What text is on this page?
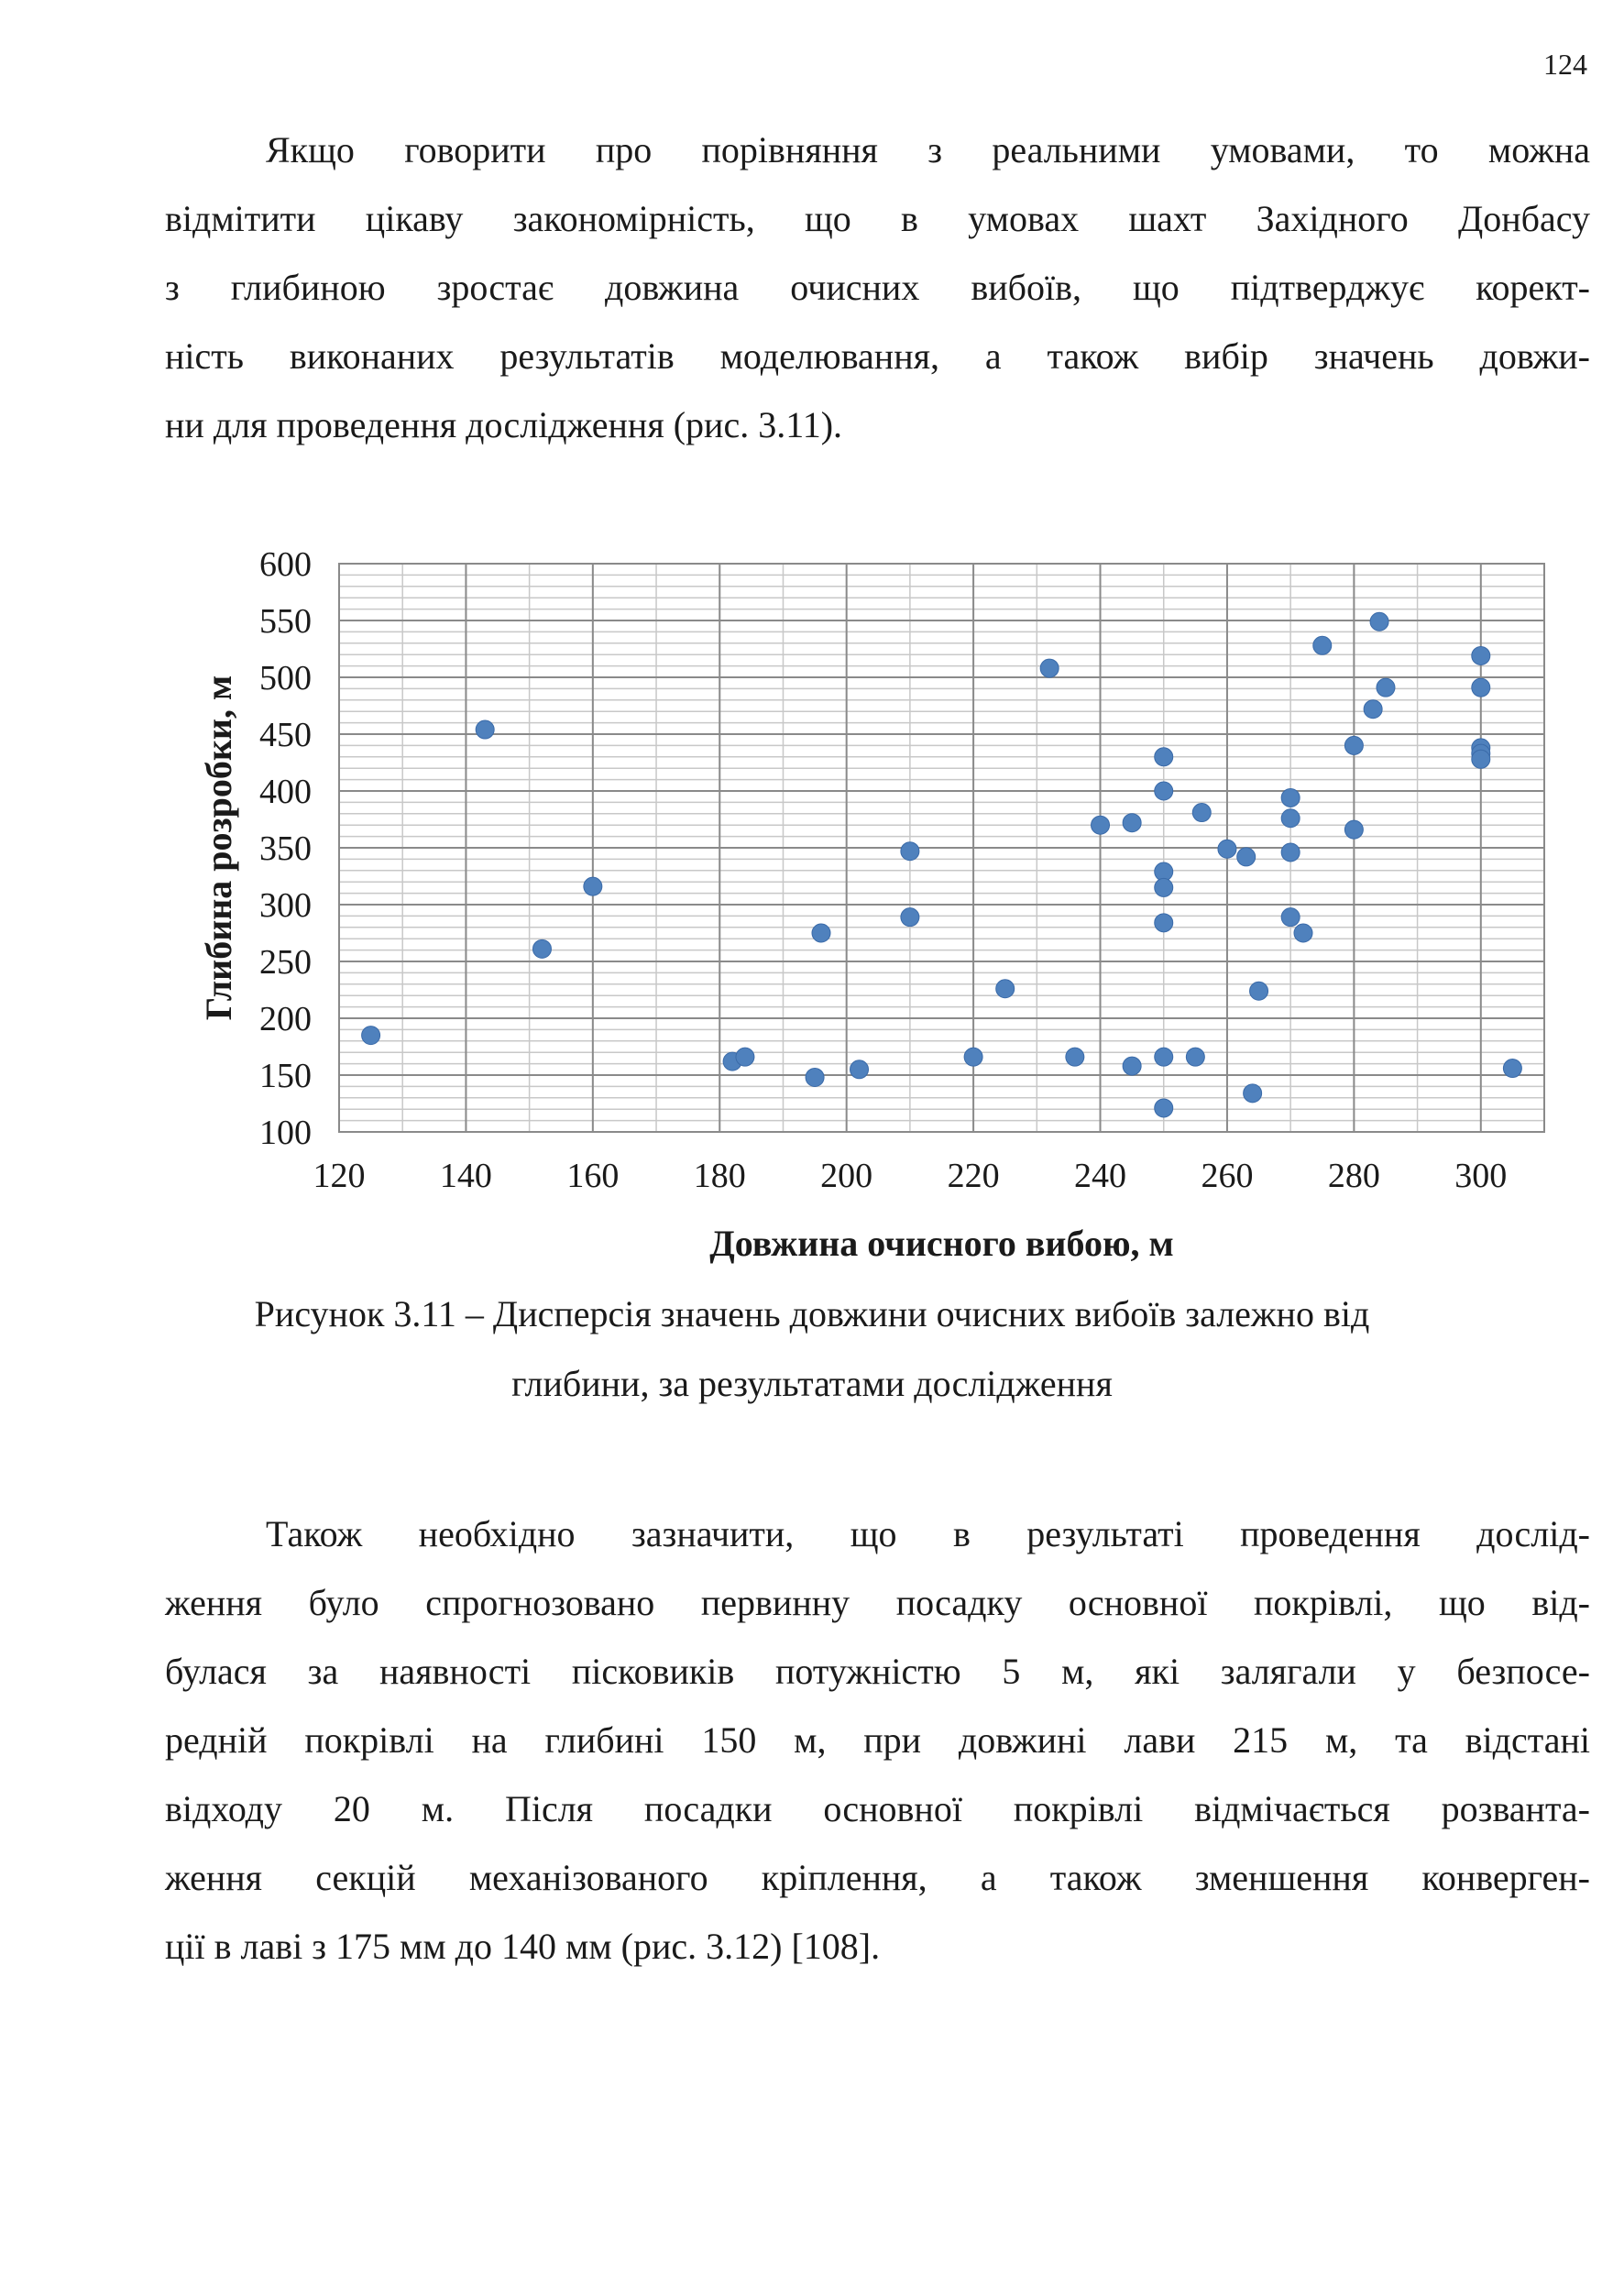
124
Якщо говорити про порівняння з реальними умовами, то можна
відмітити цікаву закономірність, що в умовах шахт Західного Донбасу
з глибиною зростає довжина очисних вибоїв, що підтверджує корект-
ність виконаних результатів моделювання, а також вибір значень довжи-
ни для проведення дослідження (рис. 3.11).
100
150
200
250
300
350
400
450
500
550
600
120 140 160 180 200 220 240 260 280 300
Глибина розробки, м
Довжина очисного вибою, м
Рисунок 3.11 – Дисперсія значень довжини очисних вибоїв залежно від
глибини, за результатами дослідження
Також необхідно зазначити, що в результаті проведення дослід-
ження було спрогнозовано первинну посадку основної покрівлі, що від-
булася за наявності пісковиків потужністю 5 м, які залягали у безпосе-
редній покрівлі на глибині 150 м, при довжині лави 215 м, та відстані
відходу 20 м. Після посадки основної покрівлі відмічається розванта-
ження секцій механізованого кріплення, а також зменшення конверген-
ції в лаві з 175 мм до 140 мм (рис. 3.12) [108].
